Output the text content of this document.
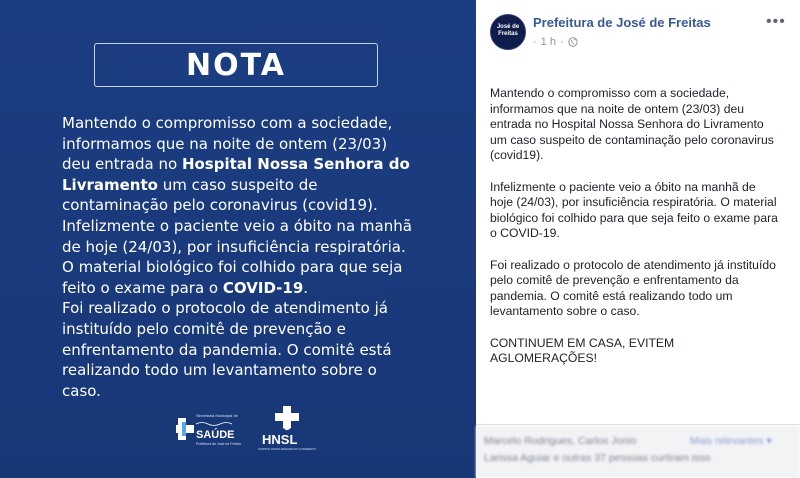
NOTA

Mantendo o compromisso com a sociedade, informamos que na noite de ontem (23/03) deu entrada no Hospital Nossa Senhora do Livramento um caso suspeito de contaminação pelo coronavirus (covid19).

Infelizmente o paciente veio a óbito na manhã de hoje (24/03), por insuficiência respiratória. O material biológico foi colhido para que seja feito o exame para o COVID-19.

Foi realizado o protocolo de atendimento já instituído pelo comitê de prevenção e enfrentamento da pandemia. O comitê está realizando todo um levantamento sobre o caso.

Secretaria Municipal de
SAÚDE
Prefeitura de José de Freitas HNSL
HOSPITAL NOSSA SENHORA DO LIVRAMENTO
José de Freitas
Prefeitura de José de Freitas
· 1 h ·
•••

Mantendo o compromisso com a sociedade, informamos que na noite de ontem (23/03) deu entrada no Hospital Nossa Senhora do Livramento um caso suspeito de contaminação pelo coronavirus (covid19).

Infelizmente o paciente veio a óbito na manhã de hoje (24/03), por insuficiência respiratória. O material biológico foi colhido para que seja feito o exame para o COVID-19.

Foi realizado o protocolo de atendimento já instituído pelo comitê de prevenção e enfrentamento da pandemia. O comitê está realizando todo um levantamento sobre o caso.

CONTINUEM EM CASA, EVITEM AGLOMERAÇÕES!

Marcelo Rodrigues, Carlos Jonio	Mais relevantes ▾
Larissa Aguiar e outras 37 pessoas curtiram isso
